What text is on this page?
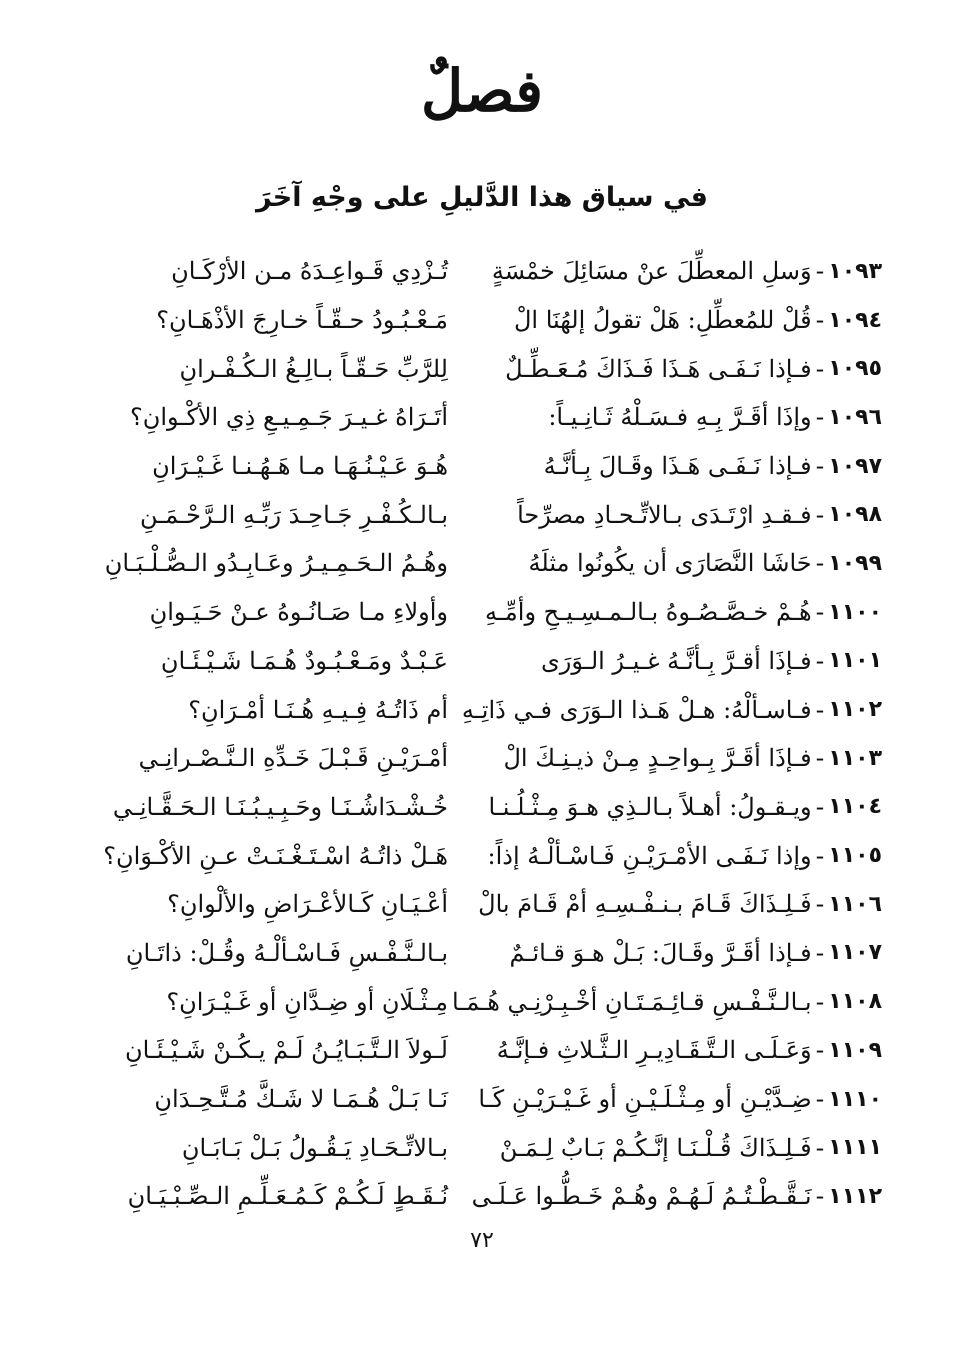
فصلٌ
في سياق هذا الدَّليلِ على وجْهِ آخَرَ
١٠٩٣
-
وَسلِ المعطِّلَ عنْ مسَائِلَ خمْسَةٍ
تُـزْدِي قَـواعِـدَهُ مـن الأرْكَـانِ
١٠٩٤
-
قُلْ للمُعطِّلِ: هَلْ تقولُ إلهُنَا الْ
مَـعْـبُـودُ حـقّـاً خـارِجَ الأذْهَـانِ؟
١٠٩٥
-
فـإذا نَـفَـى هَـذَا فَـذَاكَ مُـعَـطِّـلٌ
لِلرَّبِّ حَـقّـاً بـالِـغُ الـكُـفْـرانِ
١٠٩٦
-
وإذَا أقَـرَّ بِـهِ فـسَـلْهُ ثَـانِـيـاً:
أتَـرَاهُ غـيـرَ جَـمِـيـعِ ذِي الأكْـوانِ؟
١٠٩٧
-
فـإذا نَـفَـى هَـذَا وقَـالَ بِـأنَّـهُ
هُـوَ عَـيْـنُـهَـا مـا هَـهُـنـا غَـيْـرَانِ
١٠٩٨
-
فـقـدِ ارْتَـدَى بـالاتِّـحـادِ مصرِّحاً
بـالـكُـفْـرِ جَـاحِـدَ رَبِّـهِ الـرَّحْـمَـنِ
١٠٩٩
-
حَاشَا النَّصَارَى أن يكُونُوا مثلَهُ
وهُـمُ الـحَـمِـيـرُ وعَـابِـدُو الـصُّـلْـبَـانِ
١١٠٠
-
هُـمْ خـصَّـصُـوهُ بـالـمـسِـيـحِ وأمِّـهِ
وأولاءِ مـا صَـانُـوهُ عـنْ حَـيَـوانِ
١١٠١
-
فـإذَا أقـرَّ بِـأنَّـهُ غـيـرُ الـوَرَى
عَـبْـدٌ ومَـعْـبُـودٌ هُـمَـا شَـيْـئَـانِ
١١٠٢
-
فـاسـألْهُ: هـلْ هَـذا الـوَرَى فـي ذَاتِـهِ
أم ذَاتُـهُ فِـيـهِ هُـنَـا أمْـرَانِ؟
١١٠٣
-
فـإذَا أقَـرَّ بِـواحِـدٍ مِـنْ ذيـنِـكَ الْ
أمْـرَيْـنِ قَـبْـلَ خَـدِّهِ الـنَّـصْـرانِـي
١١٠٤
-
ويـقـولُ: أهـلاً بـالـذِي هـوَ مِـثْـلُـنـا
خُـشْـدَاشُـنَـا وحَـبِـيـبُـنَـا الـحَـقَّـانِـي
١١٠٥
-
وإذا نَـفَـى الأمْـرَيْـنِ فَـاسْـألْـهُ إذاً:
هَـلْ ذاتُـهُ اسْـتَـغْـنَـتْ عـنِ الأكْـوَانِ؟
١١٠٦
-
فَـلِـذَاكَ قَـامَ بـنـفْـسِـهِ أمْ قَـامَ بالْ
أعْـيَـانِ كَـالأعْـرَاضِ والألْوانِ؟
١١٠٧
-
فـإذا أقَـرَّ وقَـالَ: بَـلْ هـوَ قـائـمٌ
بـالـنَّـفْـسِ فَـاسْـألْـهُ وقُـلْ: ذاتَـانِ
١١٠٨
-
بـالـنَّـفْـسِ قـائِـمَـتَـانِ أخْـبِـرْنِـي هُـمَـا
مِـثْـلَانِ أو ضِـدَّانِ أو غَـيْـرَانِ؟
١١٠٩
-
وَعَـلَـى الـتَّـقَـادِيـرِ الـثَّـلاثِ فـإنَّـهُ
لَـولاَ الـتَّـبَـايُـنُ لَـمْ يـكُـنْ شَـيْـئَـانِ
١١١٠
-
ضِـدَّيْـنِ أو مِـثْـلَـيْـنِ أو غَـيْـرَيْـنِ كَـا
نَـا بَـلْ هُـمَـا لا شَـكَّ مُـتَّـحِـدَانِ
١١١١
-
فَـلِـذَاكَ قُـلْـنَـا إنَّـكُـمْ بَـابٌ لِـمَـنْ
بـالاتِّـحَـادِ يَـقُـولُ بَـلْ بَـابَـانِ
١١١٢
-
نَـقَّـطْـتُـمُ لَـهُـمْ وهُـمْ خَـطُّـوا عَـلَـى
نُـقَـطٍ لَـكُـمْ كَـمُـعَـلِّـمِ الـصِّـبْـيَـانِ
٧٢
